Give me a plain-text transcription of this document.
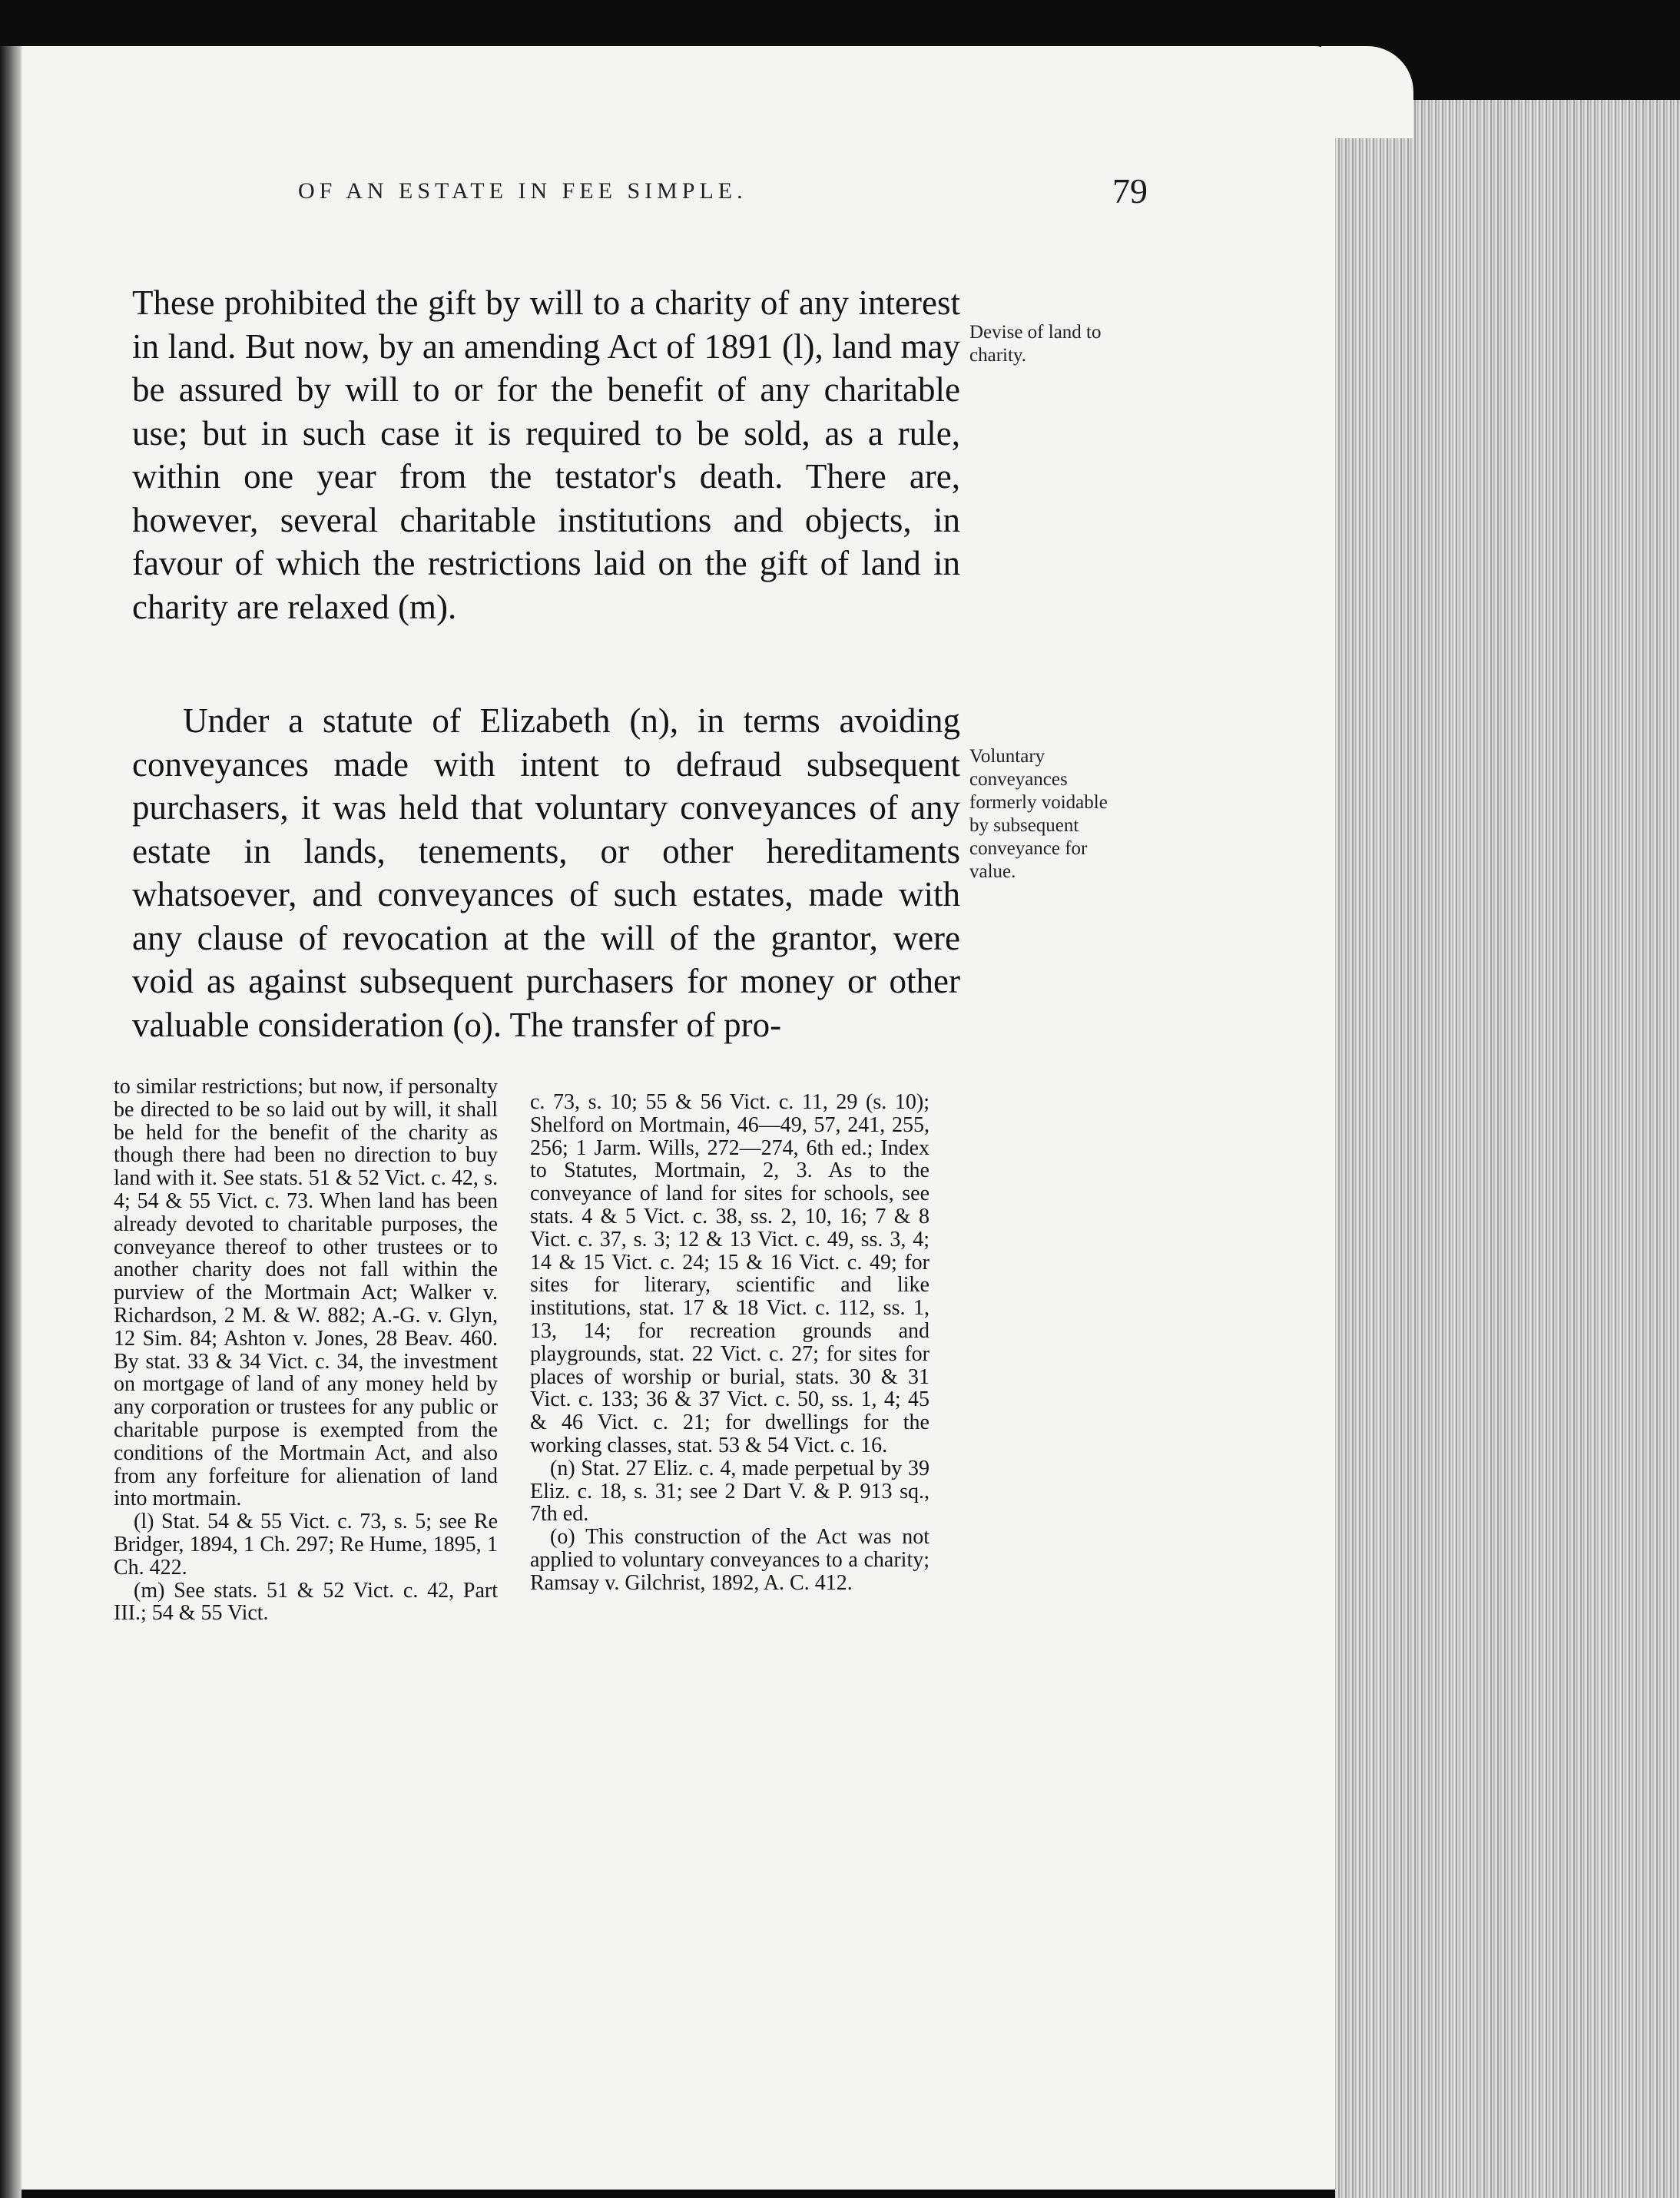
OF AN ESTATE IN FEE SIMPLE.	79
These prohibited the gift by will to a charity of any interest in land. But now, by an amending Act of 1891 (l), land may be assured by will to or for the benefit of any charitable use; but in such case it is required to be sold, as a rule, within one year from the testator's death. There are, however, several charitable institutions and objects, in favour of which the restrictions laid on the gift of land in charity are relaxed (m).
Devise of land to charity.
Under a statute of Elizabeth (n), in terms avoiding conveyances made with intent to defraud subsequent purchasers, it was held that voluntary conveyances of any estate in lands, tenements, or other hereditaments whatsoever, and conveyances of such estates, made with any clause of revocation at the will of the grantor, were void as against subsequent purchasers for money or other valuable consideration (o). The transfer of pro-
Voluntary conveyances formerly voidable by subsequent conveyance for value.
to similar restrictions; but now, if personalty be directed to be so laid out by will, it shall be held for the benefit of the charity as though there had been no direction to buy land with it. See stats. 51 & 52 Vict. c. 42, s. 4; 54 & 55 Vict. c. 73. When land has been already devoted to charitable purposes, the conveyance thereof to other trustees or to another charity does not fall within the purview of the Mortmain Act; Walker v. Richardson, 2 M. & W. 882; A.-G. v. Glyn, 12 Sim. 84; Ashton v. Jones, 28 Beav. 460. By stat. 33 & 34 Vict. c. 34, the investment on mortgage of land of any money held by any corporation or trustees for any public or charitable purpose is exempted from the conditions of the Mortmain Act, and also from any forfeiture for alienation of land into mortmain.
(l) Stat. 54 & 55 Vict. c. 73, s. 5; see Re Bridger, 1894, 1 Ch. 297; Re Hume, 1895, 1 Ch. 422.
(m) See stats. 51 & 52 Vict. c. 42, Part III.; 54 & 55 Vict.
c. 73, s. 10; 55 & 56 Vict. c. 11, 29 (s. 10); Shelford on Mortmain, 46—49, 57, 241, 255, 256; 1 Jarm. Wills, 272—274, 6th ed.; Index to Statutes, Mortmain, 2, 3. As to the conveyance of land for sites for schools, see stats. 4 & 5 Vict. c. 38, ss. 2, 10, 16; 7 & 8 Vict. c. 37, s. 3; 12 & 13 Vict. c. 49, ss. 3, 4; 14 & 15 Vict. c. 24; 15 & 16 Vict. c. 49; for sites for literary, scientific and like institutions, stat. 17 & 18 Vict. c. 112, ss. 1, 13, 14; for recreation grounds and playgrounds, stat. 22 Vict. c. 27; for sites for places of worship or burial, stats. 30 & 31 Vict. c. 133; 36 & 37 Vict. c. 50, ss. 1, 4; 45 & 46 Vict. c. 21; for dwellings for the working classes, stat. 53 & 54 Vict. c. 16.
(n) Stat. 27 Eliz. c. 4, made perpetual by 39 Eliz. c. 18, s. 31; see 2 Dart V. & P. 913 sq., 7th ed.
(o) This construction of the Act was not applied to voluntary conveyances to a charity; Ramsay v. Gilchrist, 1892, A. C. 412.
